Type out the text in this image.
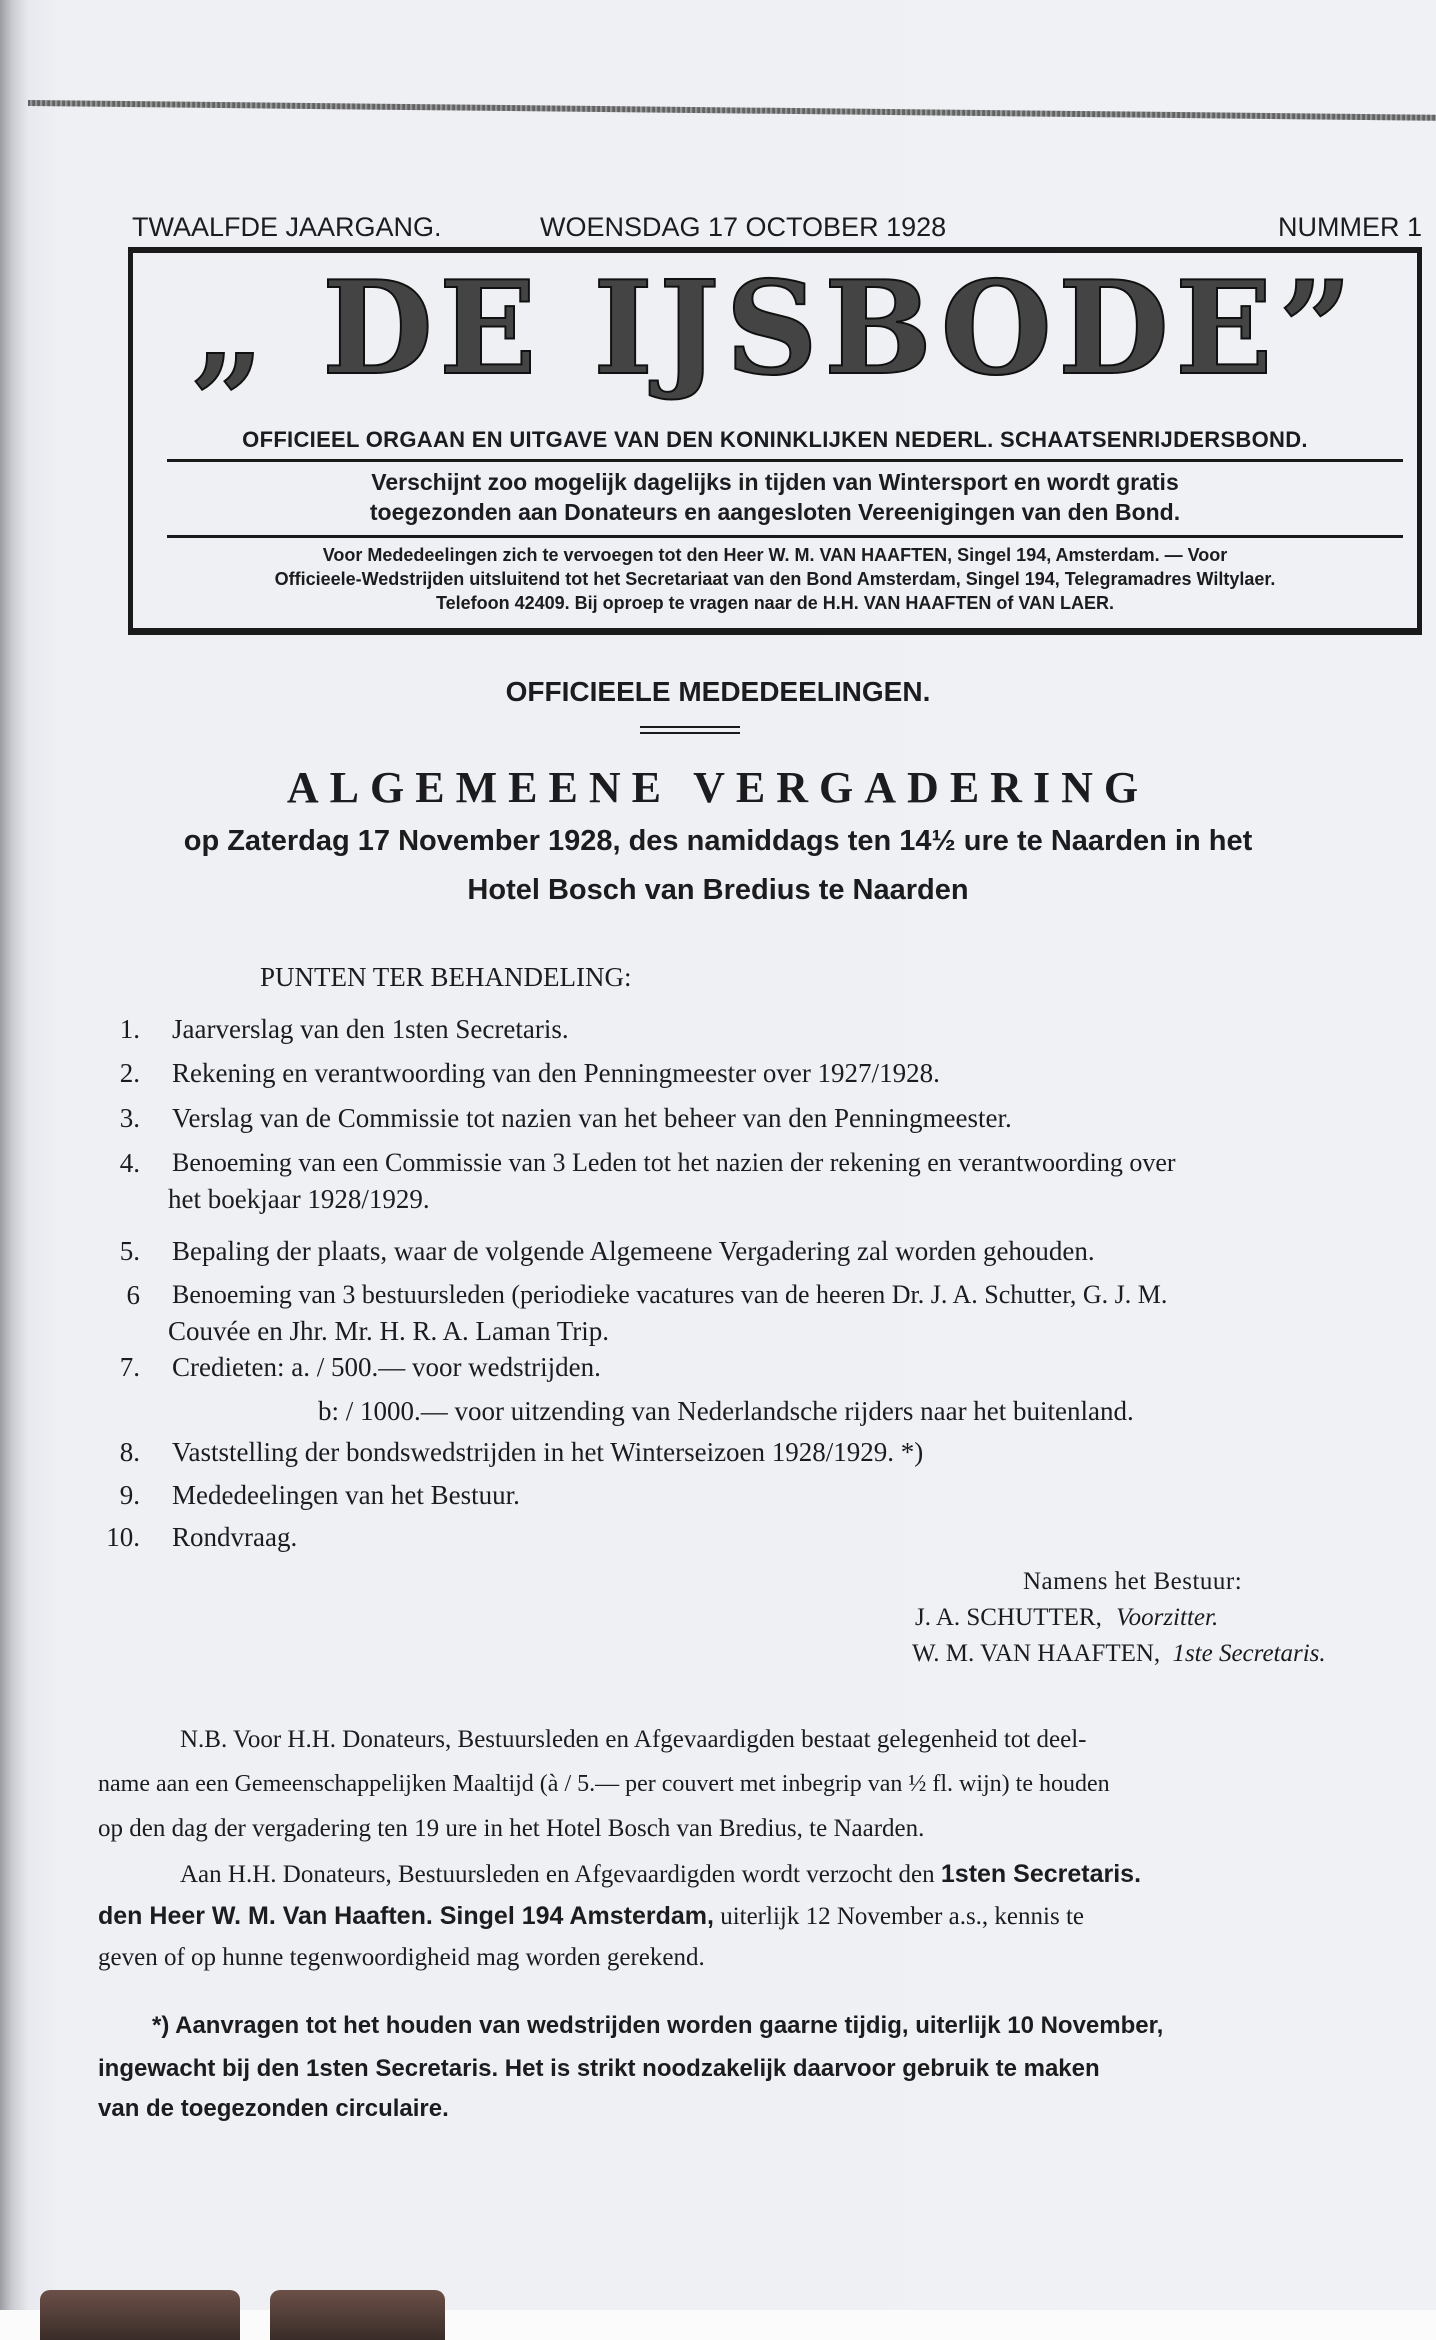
TWAALFDE JAARGANG.	WOENSDAG 17 OCTOBER 1928	NUMMER 1
„ DE IJSBODE”
OFFICIEEL ORGAAN EN UITGAVE VAN DEN KONINKLIJKEN NEDERL. SCHAATSENRIJDERSBOND.
Verschijnt zoo mogelijk dagelijks in tijden van Wintersport en wordt gratis
toegezonden aan Donateurs en aangesloten Vereenigingen van den Bond.
Voor Mededeelingen zich te vervoegen tot den Heer W. M. VAN HAAFTEN, Singel 194, Amsterdam. — Voor
Officieele-Wedstrijden uitsluitend tot het Secretariaat van den Bond Amsterdam, Singel 194, Telegramadres Wiltylaer.
Telefoon 42409. Bij oproep te vragen naar de H.H. VAN HAAFTEN of VAN LAER.
OFFICIEELE MEDEDEELINGEN.
ALGEMEENE VERGADERING
op Zaterdag 17 November 1928, des namiddags ten 14½ ure te Naarden in het
Hotel Bosch van Bredius te Naarden
PUNTEN TER BEHANDELING:
1. Jaarverslag van den 1sten Secretaris.
2. Rekening en verantwoording van den Penningmeester over 1927/1928.
3. Verslag van de Commissie tot nazien van het beheer van den Penningmeester.
4. Benoeming van een Commissie van 3 Leden tot het nazien der rekening en verantwoording over
het boekjaar 1928/1929.
5. Bepaling der plaats, waar de volgende Algemeene Vergadering zal worden gehouden.
6 Benoeming van 3 bestuursleden (periodieke vacatures van de heeren Dr. J. A. Schutter, G. J. M.
Couvée en Jhr. Mr. H. R. A. Laman Trip.
7. Credieten: a. / 500.— voor wedstrijden.
b: / 1000.— voor uitzending van Nederlandsche rijders naar het buitenland.
8. Vaststelling der bondswedstrijden in het Winterseizoen 1928/1929. *)
9. Mededeelingen van het Bestuur.
10. Rondvraag.
Namens het Bestuur:
J. A. SCHUTTER, Voorzitter.
W. M. VAN HAAFTEN, 1ste Secretaris.
N.B. Voor H.H. Donateurs, Bestuursleden en Afgevaardigden bestaat gelegenheid tot deel-
name aan een Gemeenschappelijken Maaltijd (à / 5.— per couvert met inbegrip van ½ fl. wijn) te houden
op den dag der vergadering ten 19 ure in het Hotel Bosch van Bredius, te Naarden.
Aan H.H. Donateurs, Bestuursleden en Afgevaardigden wordt verzocht den 1sten Secretaris.
den Heer W. M. Van Haaften. Singel 194 Amsterdam, uiterlijk 12 November a.s., kennis te
geven of op hunne tegenwoordigheid mag worden gerekend.
*) Aanvragen tot het houden van wedstrijden worden gaarne tijdig, uiterlijk 10 November,
ingewacht bij den 1sten Secretaris. Het is strikt noodzakelijk daarvoor gebruik te maken
van de toegezonden circulaire.
